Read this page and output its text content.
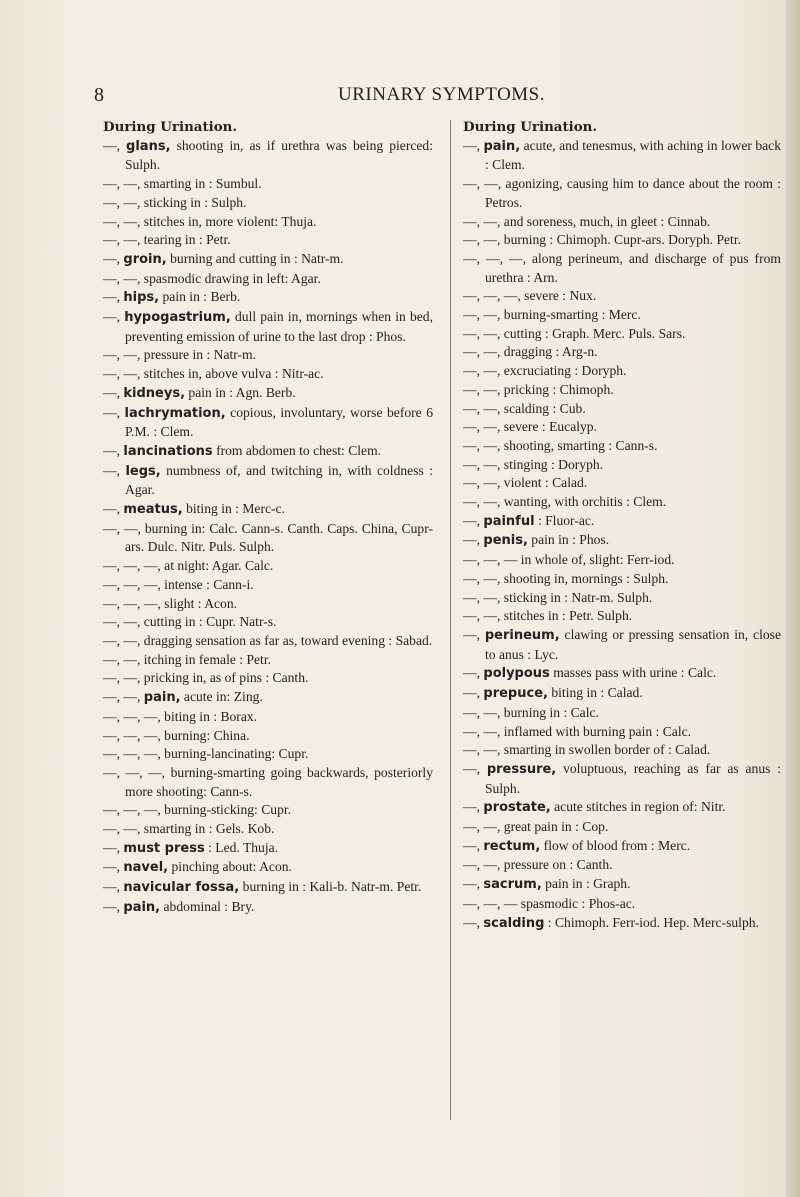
8	URINARY SYMPTOMS.
During Urination.
—, glans, shooting in, as if urethra was being pierced: Sulph.
—, —, smarting in : Sumbul.
—, —, sticking in : Sulph.
—, —, stitches in, more violent: Thuja.
—, —, tearing in : Petr.
—, groin, burning and cutting in : Natr-m.
—, —, spasmodic drawing in left: Agar.
—, hips, pain in : Berb.
—, hypogastrium, dull pain in, mornings when in bed, preventing emission of urine to the last drop : Phos.
—, —, pressure in : Natr-m.
—, —, stitches in, above vulva : Nitr-ac.
—, kidneys, pain in : Agn. Berb.
—, lachrymation, copious, involuntary, worse before 6 P.M. : Clem.
—, lancinations from abdomen to chest: Clem.
—, legs, numbness of, and twitching in, with coldness : Agar.
—, meatus, biting in : Merc-c.
—, —, burning in: Calc. Cann-s. Canth. Caps. China, Cupr-ars. Dulc. Nitr. Puls. Sulph.
—, —, —, at night: Agar. Calc.
—, —, —, intense : Cann-i.
—, —, —, slight : Acon.
—, —, cutting in : Cupr. Natr-s.
—, —, dragging sensation as far as, toward evening : Sabad.
—, —, itching in female : Petr.
—, —, pricking in, as of pins : Canth.
—, —, pain, acute in: Zing.
—, —, —, biting in : Borax.
—, —, —, burning: China.
—, —, —, burning-lancinating: Cupr.
—, —, —, burning-smarting going backwards, posteriorly more shooting: Cann-s.
—, —, —, burning-sticking: Cupr.
—, —, smarting in : Gels. Kob.
—, must press : Led. Thuja.
—, navel, pinching about: Acon.
—, navicular fossa, burning in : Kali-b. Natr-m. Petr.
—, pain, abdominal : Bry.
During Urination.
—, pain, acute, and tenesmus, with aching in lower back : Clem.
—, —, agonizing, causing him to dance about the room : Petros.
—, —, and soreness, much, in gleet : Cinnab.
—, —, burning : Chimoph. Cupr-ars. Doryph. Petr.
—, —, —, along perineum, and discharge of pus from urethra : Arn.
—, —, —, severe : Nux.
—, —, burning-smarting : Merc.
—, —, cutting : Graph. Merc. Puls. Sars.
—, —, dragging : Arg-n.
—, —, excruciating : Doryph.
—, —, pricking : Chimoph.
—, —, scalding : Cub.
—, —, severe : Eucalyp.
—, —, shooting, smarting : Cann-s.
—, —, stinging : Doryph.
—, —, violent : Calad.
—, —, wanting, with orchitis : Clem.
—, painful : Fluor-ac.
—, penis, pain in : Phos.
—, —, — in whole of, slight: Ferr-iod.
—, —, shooting in, mornings : Sulph.
—, —, sticking in : Natr-m. Sulph.
—, —, stitches in : Petr. Sulph.
—, perineum, clawing or pressing sensation in, close to anus : Lyc.
—, polypous masses pass with urine : Calc.
—, prepuce, biting in : Calad.
—, —, burning in : Calc.
—, —, inflamed with burning pain : Calc.
—, —, smarting in swollen border of : Calad.
—, pressure, voluptuous, reaching as far as anus : Sulph.
—, prostate, acute stitches in region of: Nitr.
—, —, great pain in : Cop.
—, rectum, flow of blood from : Merc.
—, —, pressure on : Canth.
—, sacrum, pain in : Graph.
—, —, — spasmodic : Phos-ac.
—, scalding : Chimoph. Ferr-iod. Hep. Merc-sulph.
